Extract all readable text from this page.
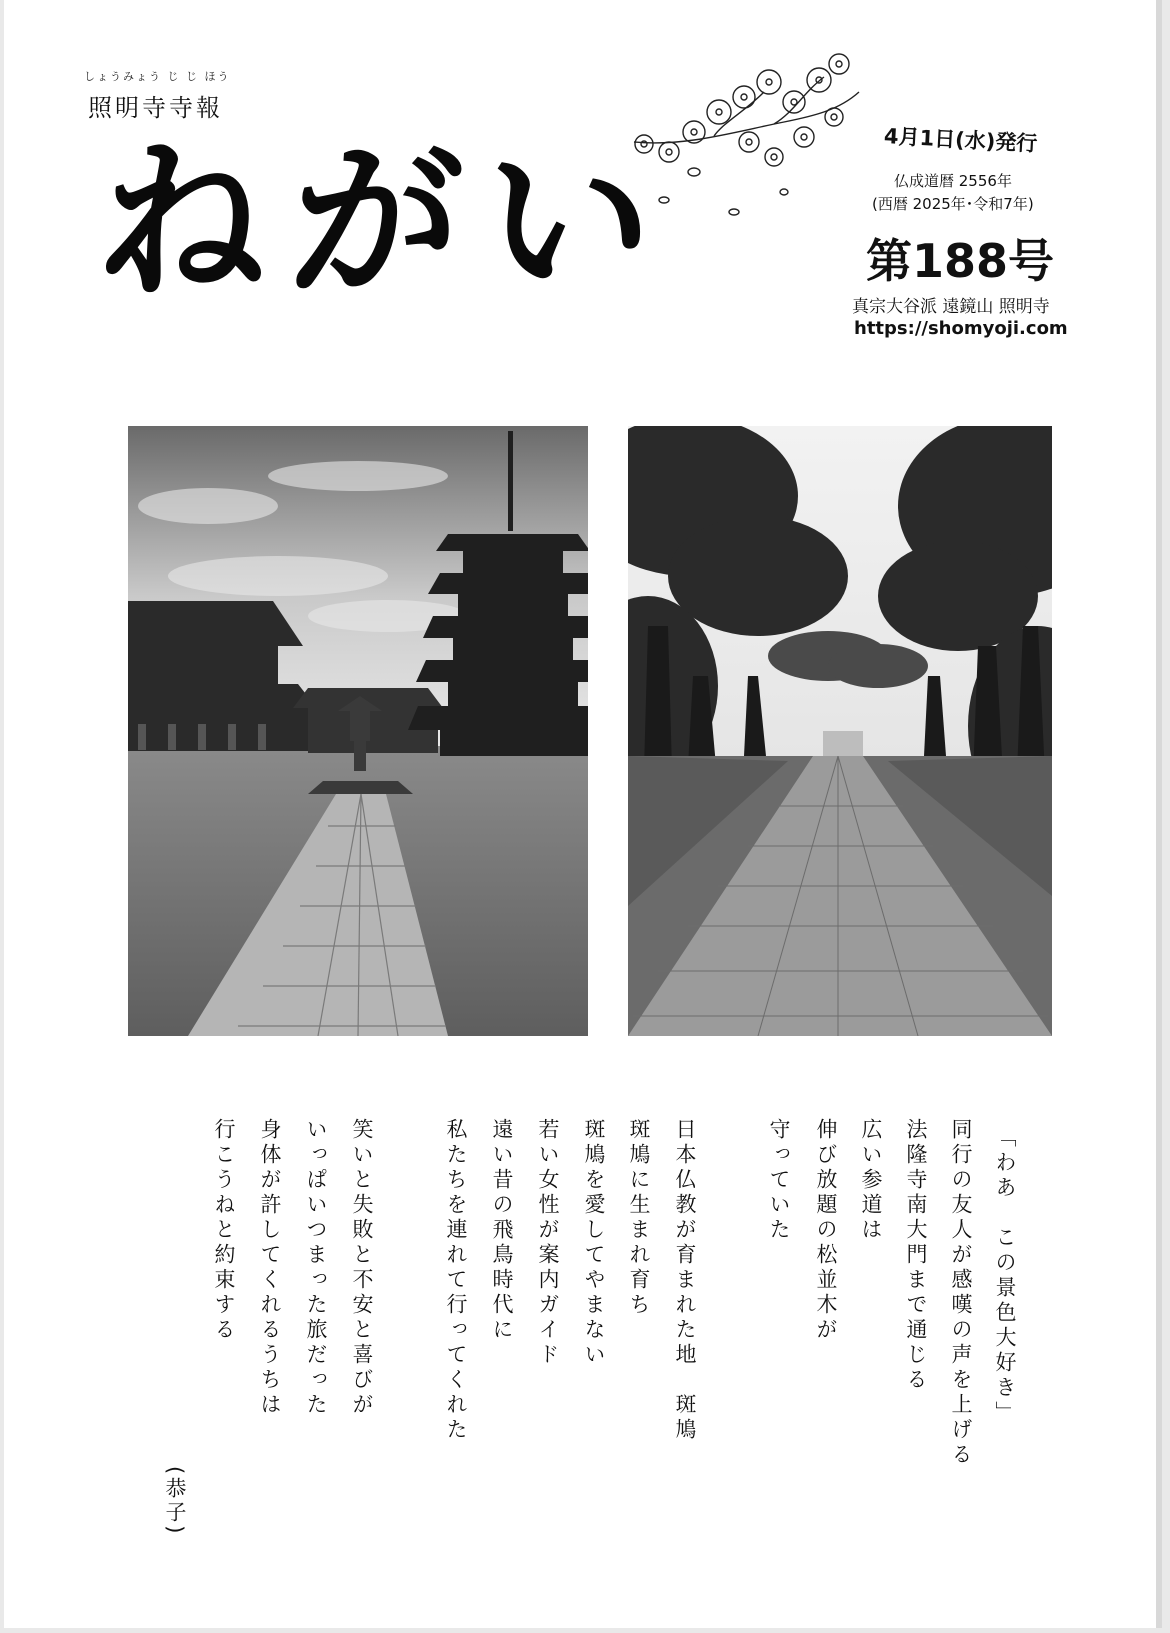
しょうみょう じ じ ほう
照明寺寺報
ねがい	4月1日(水)発行
仏成道暦 2556年
(西暦 2025年･令和7年)
第188号
真宗大谷派 遠鏡山 照明寺
https://shomyoji.com
「わあ　この景色大好き」
同行の友人が感嘆の声を上げる
法隆寺南大門まで通じる
広い参道は
伸び放題の松並木が
守っていた
日本仏教が育まれた地　斑鳩
斑鳩に生まれ育ち
斑鳩を愛してやまない
若い女性が案内ガイド
遠い昔の飛鳥時代に
私たちを連れて行ってくれた
笑いと失敗と不安と喜びが
いっぱいつまった旅だった
身体が許してくれるうちは
行こうねと約束する
(恭子)
